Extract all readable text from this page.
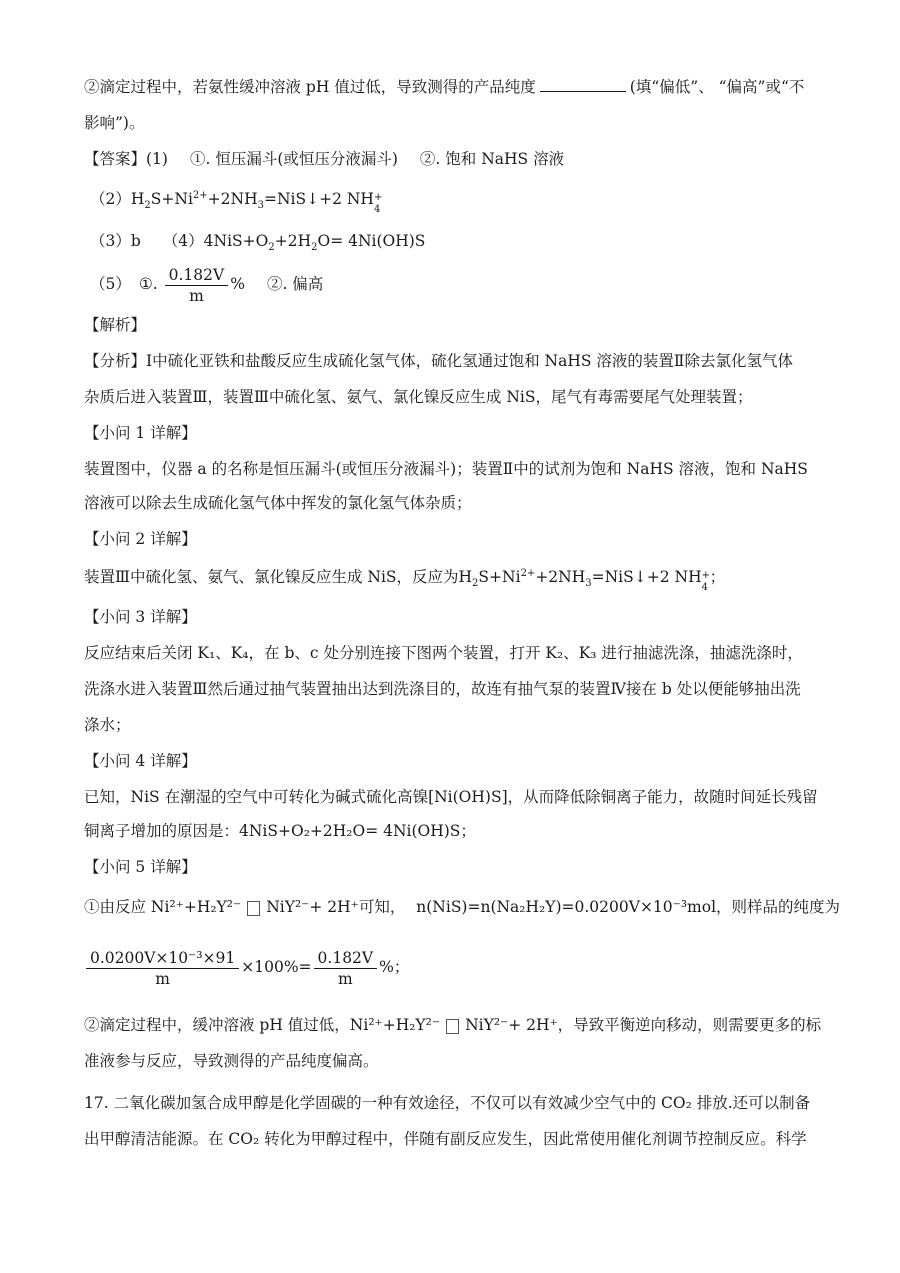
②滴定过程中，若氨性缓冲溶液 pH 值过低，导致测得的产品纯度	(填“偏低”、 “偏高”或“不
影响”)。
【答案】(1) ①. 恒压漏斗(或恒压分液漏斗) ②. 饱和 NaHS 溶液
$(2)H_2S+Ni^{2+}+2NH_3=NiS↓+2$ NH +
4
（3）b $(4)4NiS+O_2+2H_2O= 4Ni(OH)S$
（5） ①. $\frac{0.182V}{m}$ % ②. 偏高
【解析】
【分析】Ⅰ中硫化亚铁和盐酸反应生成硫化氢气体，硫化氢通过饱和 NaHS 溶液的装置Ⅱ除去氯化氢气体
杂质后进入装置Ⅲ，装置Ⅲ中硫化氢、氨气、氯化镍反应生成 NiS，尾气有毒需要尾气处理装置；
【小问 1 详解】
装置图中，仪器 a 的名称是恒压漏斗(或恒压分液漏斗)；装置Ⅱ中的试剂为饱和 NaHS 溶液，饱和 NaHS
溶液可以除去生成硫化氢气体中挥发的氯化氢气体杂质；
【小问 2 详解】
装置Ⅲ中硫化氢、氨气、氯化镍反应生成 NiS，反应为$H_2S+Ni^{2+}+2NH_3=NiS↓+2$ NH +
4
；
【小问 3 详解】
反应结束后关闭 K₁、K₄，在 b、c 处分别连接下图两个装置，打开 K₂、K₃ 进行抽滤洗涤，抽滤洗涤时，
洗涤水进入装置Ⅲ然后通过抽气装置抽出达到洗涤目的，故连有抽气泵的装置Ⅳ接在 b 处以便能够抽出洗
涤水；
【小问 4 详解】
已知，NiS 在潮湿的空气中可转化为碱式硫化高镍[Ni(OH)S]，从而降低除铜离子能力，故随时间延长残留
铜离子增加的原因是：4NiS+O₂+2H₂O= 4Ni(OH)S；
【小问 5 详解】
①由反应 Ni²⁺+H₂Y²⁻ NiY²⁻+ 2H⁺可知， n(NiS)=n(Na₂H₂Y)=0.0200V×10⁻³mol，则样品的纯度为
$\frac{\text{0.0200V×10⁻³×91}}{m} \times 100\%= \frac{0.182V}{m}$ %；
②滴定过程中，缓冲溶液 pH 值过低，Ni²⁺+H₂Y²⁻ NiY²⁻+ 2H⁺，导致平衡逆向移动，则需要更多的标
准液参与反应，导致测得的产品纯度偏高。
17. 二氧化碳加氢合成甲醇是化学固碳的一种有效途径，不仅可以有效减少空气中的 CO₂ 排放.还可以制备
出甲醇清洁能源。在 CO₂ 转化为甲醇过程中，伴随有副反应发生，因此常使用催化剂调节控制反应。科学
